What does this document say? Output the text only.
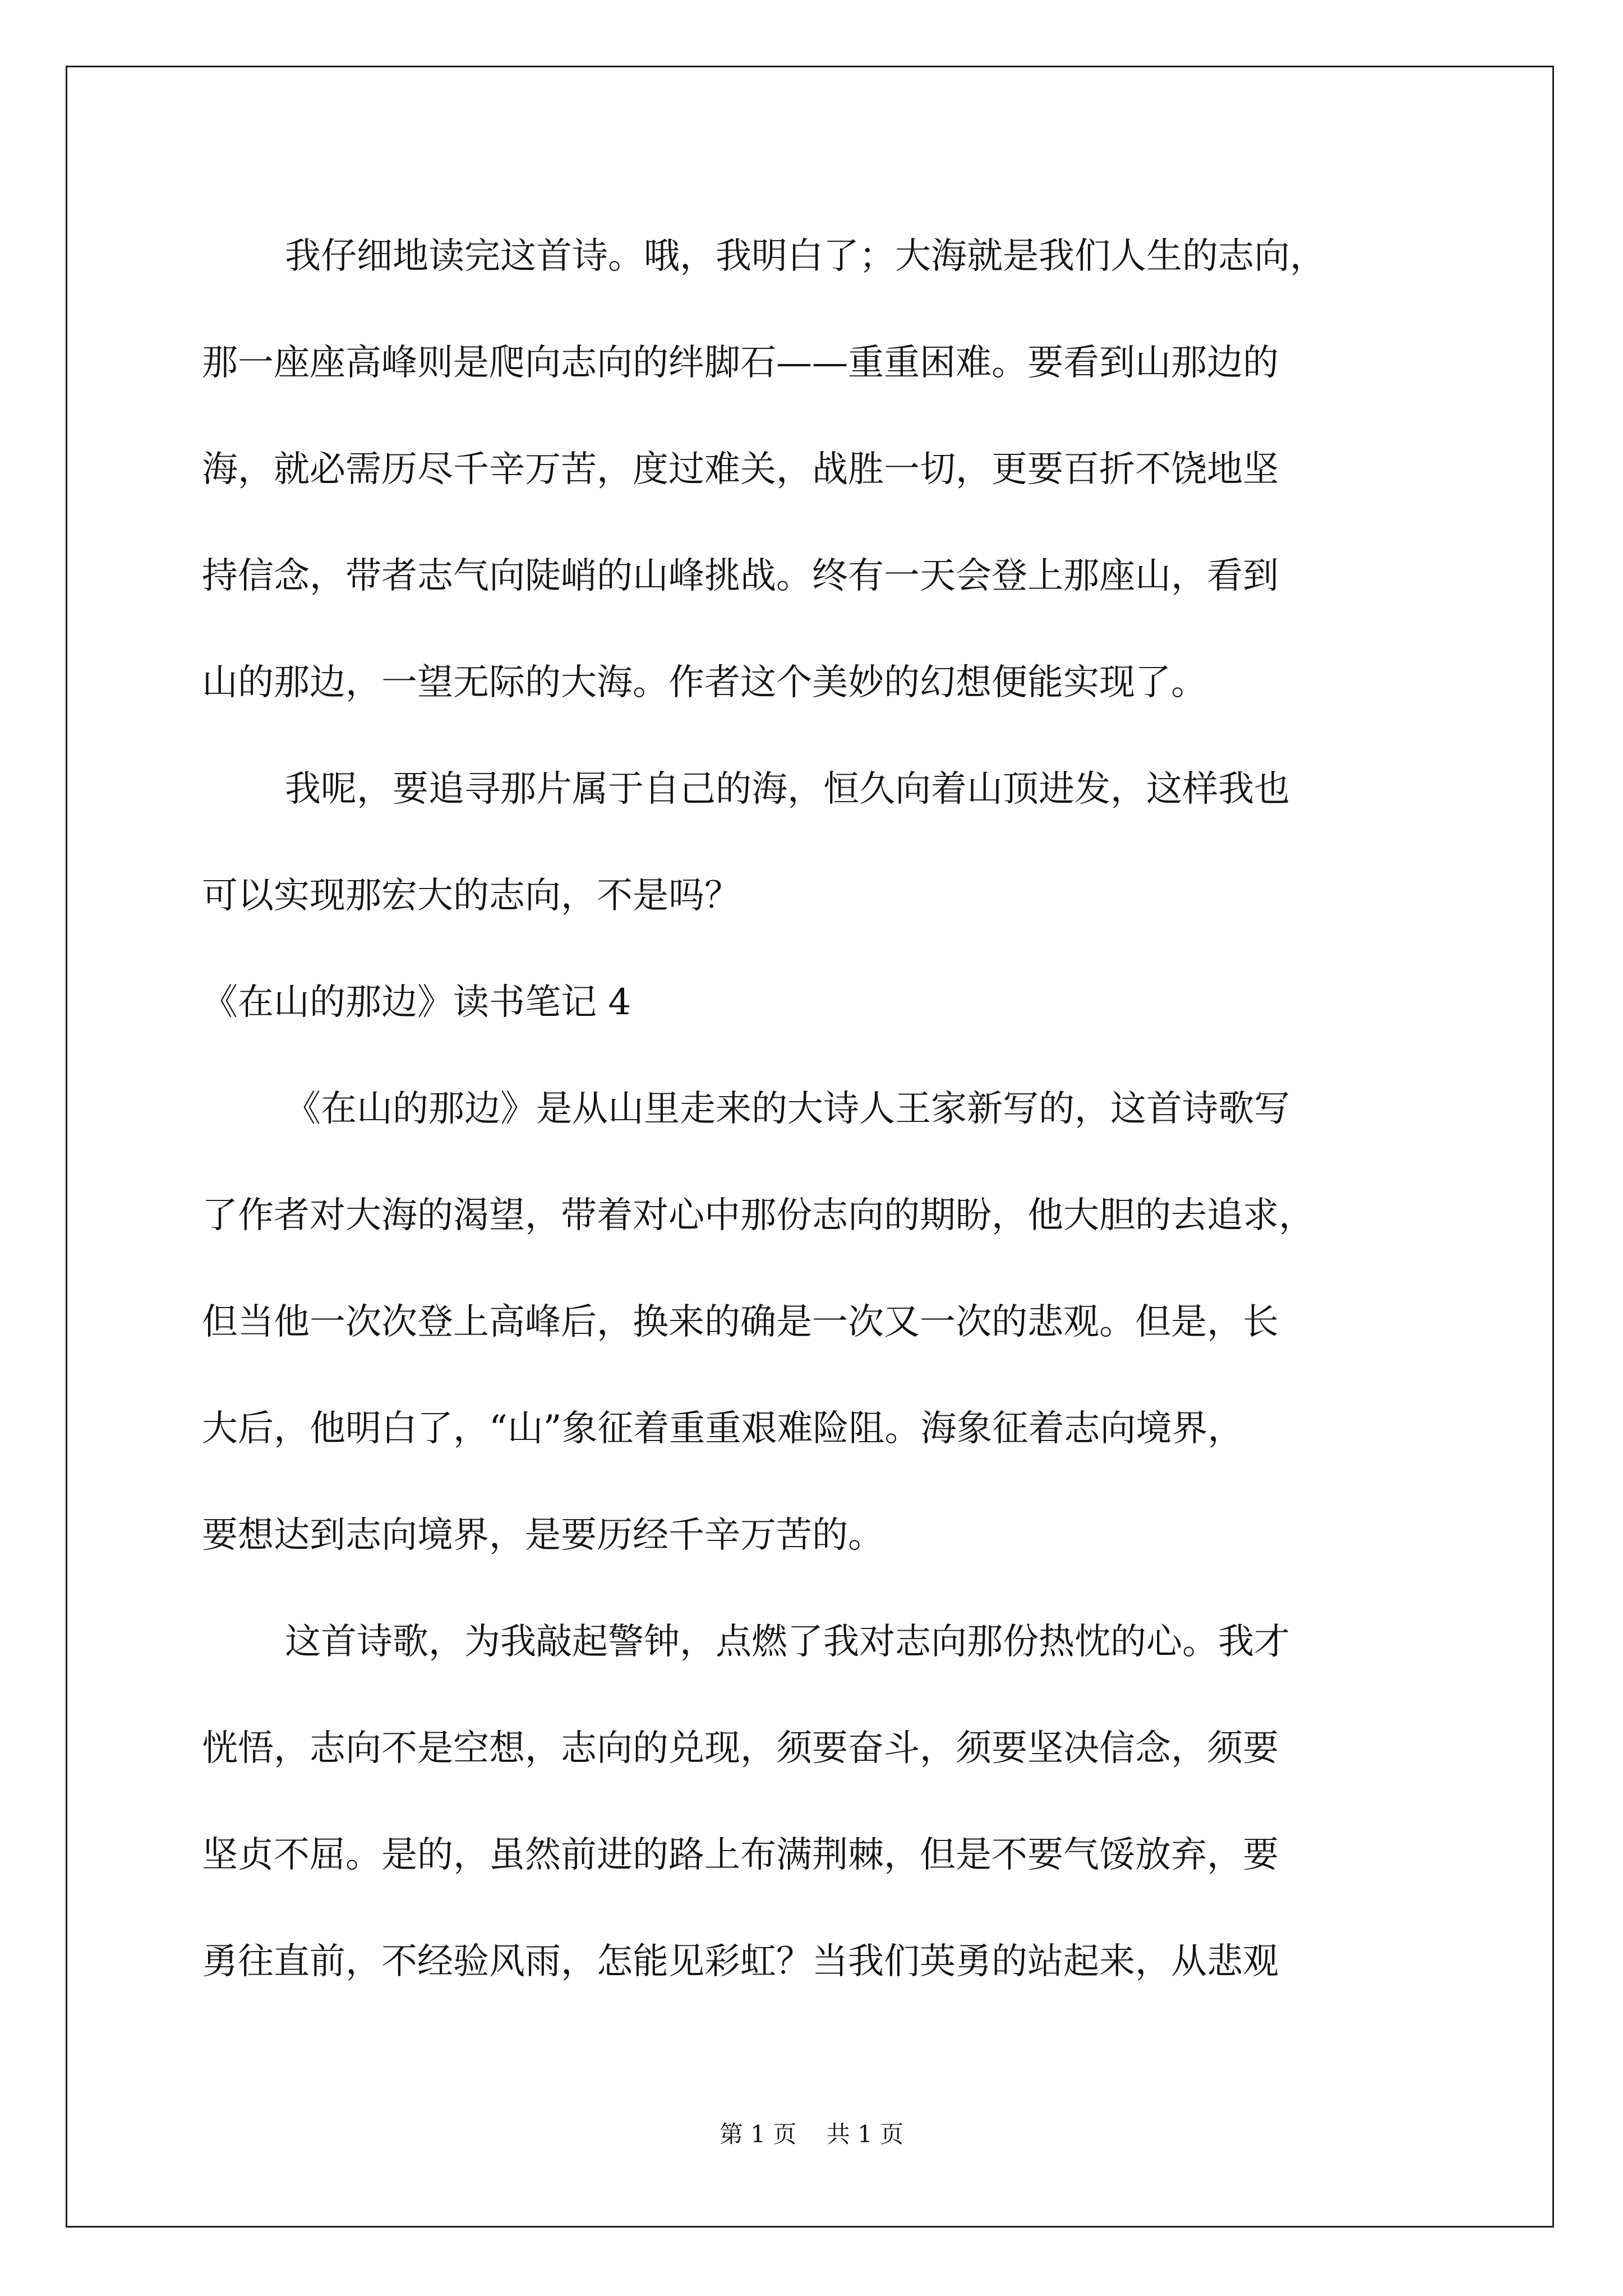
我仔细地读完这首诗。哦，我明白了；大海就是我们人生的志向，
那一座座高峰则是爬向志向的绊脚石——重重困难。要看到山那边的
海，就必需历尽千辛万苦，度过难关，战胜一切，更要百折不饶地坚
持信念，带者志气向陡峭的山峰挑战。终有一天会登上那座山，看到
山的那边，一望无际的大海。作者这个美妙的幻想便能实现了。
我呢，要追寻那片属于自己的海，恒久向着山顶进发，这样我也
可以实现那宏大的志向，不是吗？
《在山的那边》读书笔记 4
《在山的那边》是从山里走来的大诗人王家新写的，这首诗歌写
了作者对大海的渴望，带着对心中那份志向的期盼，他大胆的去追求，
但当他一次次登上高峰后，换来的确是一次又一次的悲观。但是，长
大后，他明白了，“山”象征着重重艰难险阻。海象征着志向境界，
要想达到志向境界，是要历经千辛万苦的。
这首诗歌，为我敲起警钟，点燃了我对志向那份热忱的心。我才
恍悟，志向不是空想，志向的兑现，须要奋斗，须要坚决信念，须要
坚贞不屈。是的，虽然前进的路上布满荆棘，但是不要气馁放弃，要
勇往直前，不经验风雨，怎能见彩虹？当我们英勇的站起来，从悲观
第 1 页    共 1 页
